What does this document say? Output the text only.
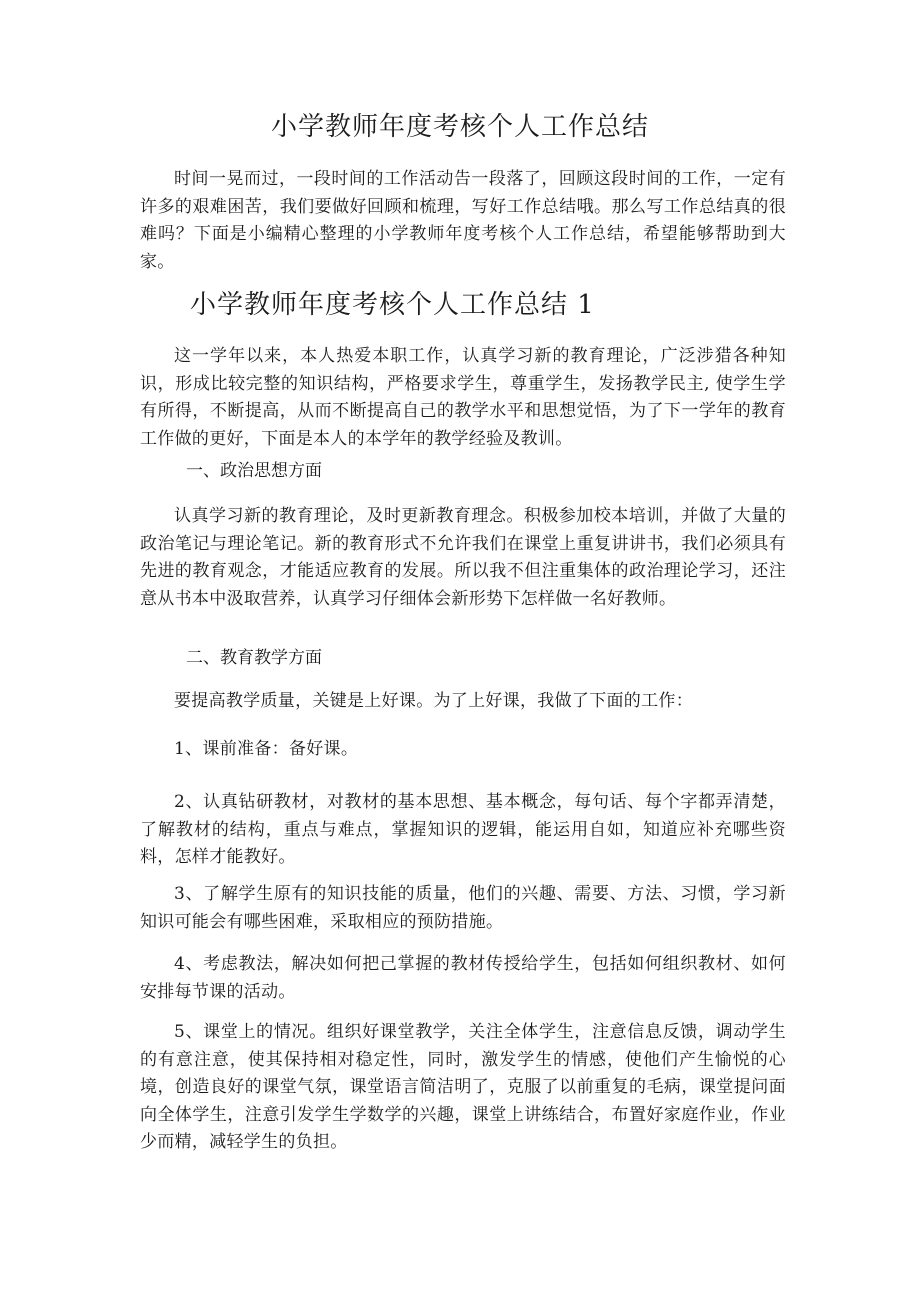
小学教师年度考核个人工作总结

时间一晃而过，一段时间的工作活动告一段落了，回顾这段时间的工作，一定有许多的艰难困苦，我们要做好回顾和梳理，写好工作总结哦。那么写工作总结真的很难吗？下面是小编精心整理的小学教师年度考核个人工作总结，希望能够帮助到大家。

小学教师年度考核个人工作总结 1

这一学年以来，本人热爱本职工作，认真学习新的教育理论，广泛涉猎各种知识，形成比较完整的知识结构，严格要求学生，尊重学生，发扬教学民主, 使学生学有所得，不断提高，从而不断提高自己的教学水平和思想觉悟，为了下一学年的教育工作做的更好，下面是本人的本学年的教学经验及教训。

一、政治思想方面

认真学习新的教育理论，及时更新教育理念。积极参加校本培训，并做了大量的政治笔记与理论笔记。新的教育形式不允许我们在课堂上重复讲讲书，我们必须具有先进的教育观念，才能适应教育的发展。所以我不但注重集体的政治理论学习，还注意从书本中汲取营养，认真学习仔细体会新形势下怎样做一名好教师。

二、教育教学方面

要提高教学质量，关键是上好课。为了上好课，我做了下面的工作：

1、课前准备：备好课。

2、认真钻研教材，对教材的基本思想、基本概念，每句话、每个字都弄清楚，了解教材的结构，重点与难点，掌握知识的逻辑，能运用自如，知道应补充哪些资料，怎样才能教好。

3、了解学生原有的知识技能的质量，他们的兴趣、需要、方法、习惯，学习新知识可能会有哪些困难，采取相应的预防措施。

4、考虑教法，解决如何把己掌握的教材传授给学生，包括如何组织教材、如何安排每节课的活动。

5、课堂上的情况。组织好课堂教学，关注全体学生，注意信息反馈，调动学生的有意注意，使其保持相对稳定性，同时，激发学生的情感，使他们产生愉悦的心境，创造良好的课堂气氛，课堂语言简洁明了，克服了以前重复的毛病，课堂提问面向全体学生，注意引发学生学数学的兴趣，课堂上讲练结合，布置好家庭作业，作业少而精，减轻学生的负担。
